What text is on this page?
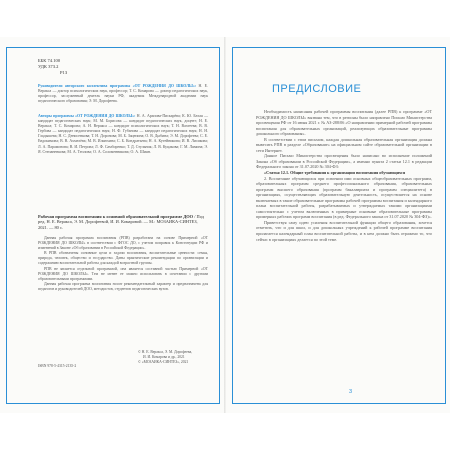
ББК 74.100
УДК 373.2
Р13
Руководители авторского коллектива программы «ОТ РОЖДЕНИЯ ДО ШКОЛЫ»: Н. Е. Веракса — доктор психологических наук, профессор; Т. С. Комарова — доктор педагогических наук, профессор, заслуженный деятель науки РФ, академик Международной академии наук педагогического образования; Э. М. Дорофеева.
Авторы программы «ОТ РОЖДЕНИЯ ДО ШКОЛЫ»: Н. А. Арапова-Пискарёва; К. Ю. Белая — кандидат педагогических наук; М. М. Борисова — кандидат педагогических наук, доцент; Н. Е. Веракса; Т. С. Комарова; А. Н. Веракса — кандидат психологических наук; Т. Н. Вахтеева; В. В. Гербова — кандидат педагогических наук; Н. Ф. Губанова — кандидат педагогических наук; Н. Н. Гладышева; Н. С. Денисенкова; Т. Н. Доронова; М. Б. Зацепина; О. В. Дыбина; Э. М. Дорофеева; С. Е. Евдокимова; В. В. Ахмелёва; М. В. Ильюхина; С. Б. Кондратьева; Н. А. Кутейникова; И. В. Лисикова; Л. А. Парамонова; В. И. Петрова; Л. Ф. Самборенко; Т. Д. Стульник; Л. В. Куцакова; Г. М. Лямина; Э. Я. Степаненкова; М. А. Теплова; О. А. Соломенникова; О. А. Шиян.
Рабочая программа воспитания к основной образовательной программе ДОО / Под ред. Н. Е. Веракса, Э. М. Дорофеевой, И. И. Комаровой. — М.: МОЗАИКА-СИНТЕЗ, 2021. — 80 с.
Данная рабочая программа воспитания (РПВ) разработана на основе Примерной «ОТ РОЖДЕНИЯ ДО ШКОЛЫ» в соответствии с ФГОС ДО, с учетом поправок к Конституции РФ и изменений в Законе «Об образовании в Российской Федерации».
В РПВ обозначены основные цели и задачи воспитания, воспитательные ценности: семья, природа, человек, общество и государство. Даны практические рекомендации по организации и содержанию воспитательной работы для каждой возрастной группы.
РПВ не является отдельной программой, она является составной частью Примерной «ОТ РОЖДЕНИЯ ДО ШКОЛЫ». Тем не менее ее можно использовать в сочетании с другими образовательными программами.
Данная рабочая программа воспитания носит рекомендательный характер и предназначена для педагогов и руководителей ДОО, методистов, студентов педагогических вузов.
© Н. Е. Веракса, Э. М. Дорофеева,
И. И. Комарова и др., 2021
© «МОЗАИКА-СИНТЕЗ», 2021
ISBN 978-5-4315-2135-2
ПРЕДИСЛОВИЕ

Необходимость написания рабочей программы воспитания (далее РПВ) к программе «ОТ РОЖДЕНИЯ ДО ШКОЛЫ» вызвана тем, что в регионы было направлено Письмо Министерства просвещения РФ от 16 июня 2021 г. № АЗ-288/06 «О направлении примерной рабочей программы воспитания для образовательных организаций, реализующих образовательные программы дошкольного образования».

В соответствии с этим письмом, каждая дошкольная образовательная организация должна вывесить РПВ в разделе «Образование» на официальном сайте образовательной организации в сети Интернет.

Данное Письмо Министерства просвещения было написано во исполнение положений Закона «Об образовании в Российской Федерации», а именно пункта 2 статьи 12.1 в редакции Федерального закона от 31.07.2020 № 304-ФЗ:

«Статья 12.1. Общие требования к организации воспитания обучающихся

2. Воспитание обучающихся при освоении ими основных общеобразовательных программ, образовательных программ среднего профессионального образования, образовательных программ высшего образования (программ бакалавриата и программ специалитета) в организациях, осуществляющих образовательную деятельность, осуществляется на основе включаемых в такие образовательные программы рабочей программы воспитания и календарного плана воспитательной работы, разрабатываемых и утверждаемых такими организациями самостоятельно с учетом включенных в примерные основные образовательные программы примерных рабочих программ воспитания (в ред. Федерального закона от 31.07.2020 № 304-ФЗ)».

Приветствуя саму идею усиления воспитательной функции общего образования, хочется отметить, что и для школ, и для дошкольных учреждений к рабочей программе воспитания прилагается календарный план воспитательной работы, и в нем должно быть отражено то, что сейчас в организациях делается по этой теме.

3
